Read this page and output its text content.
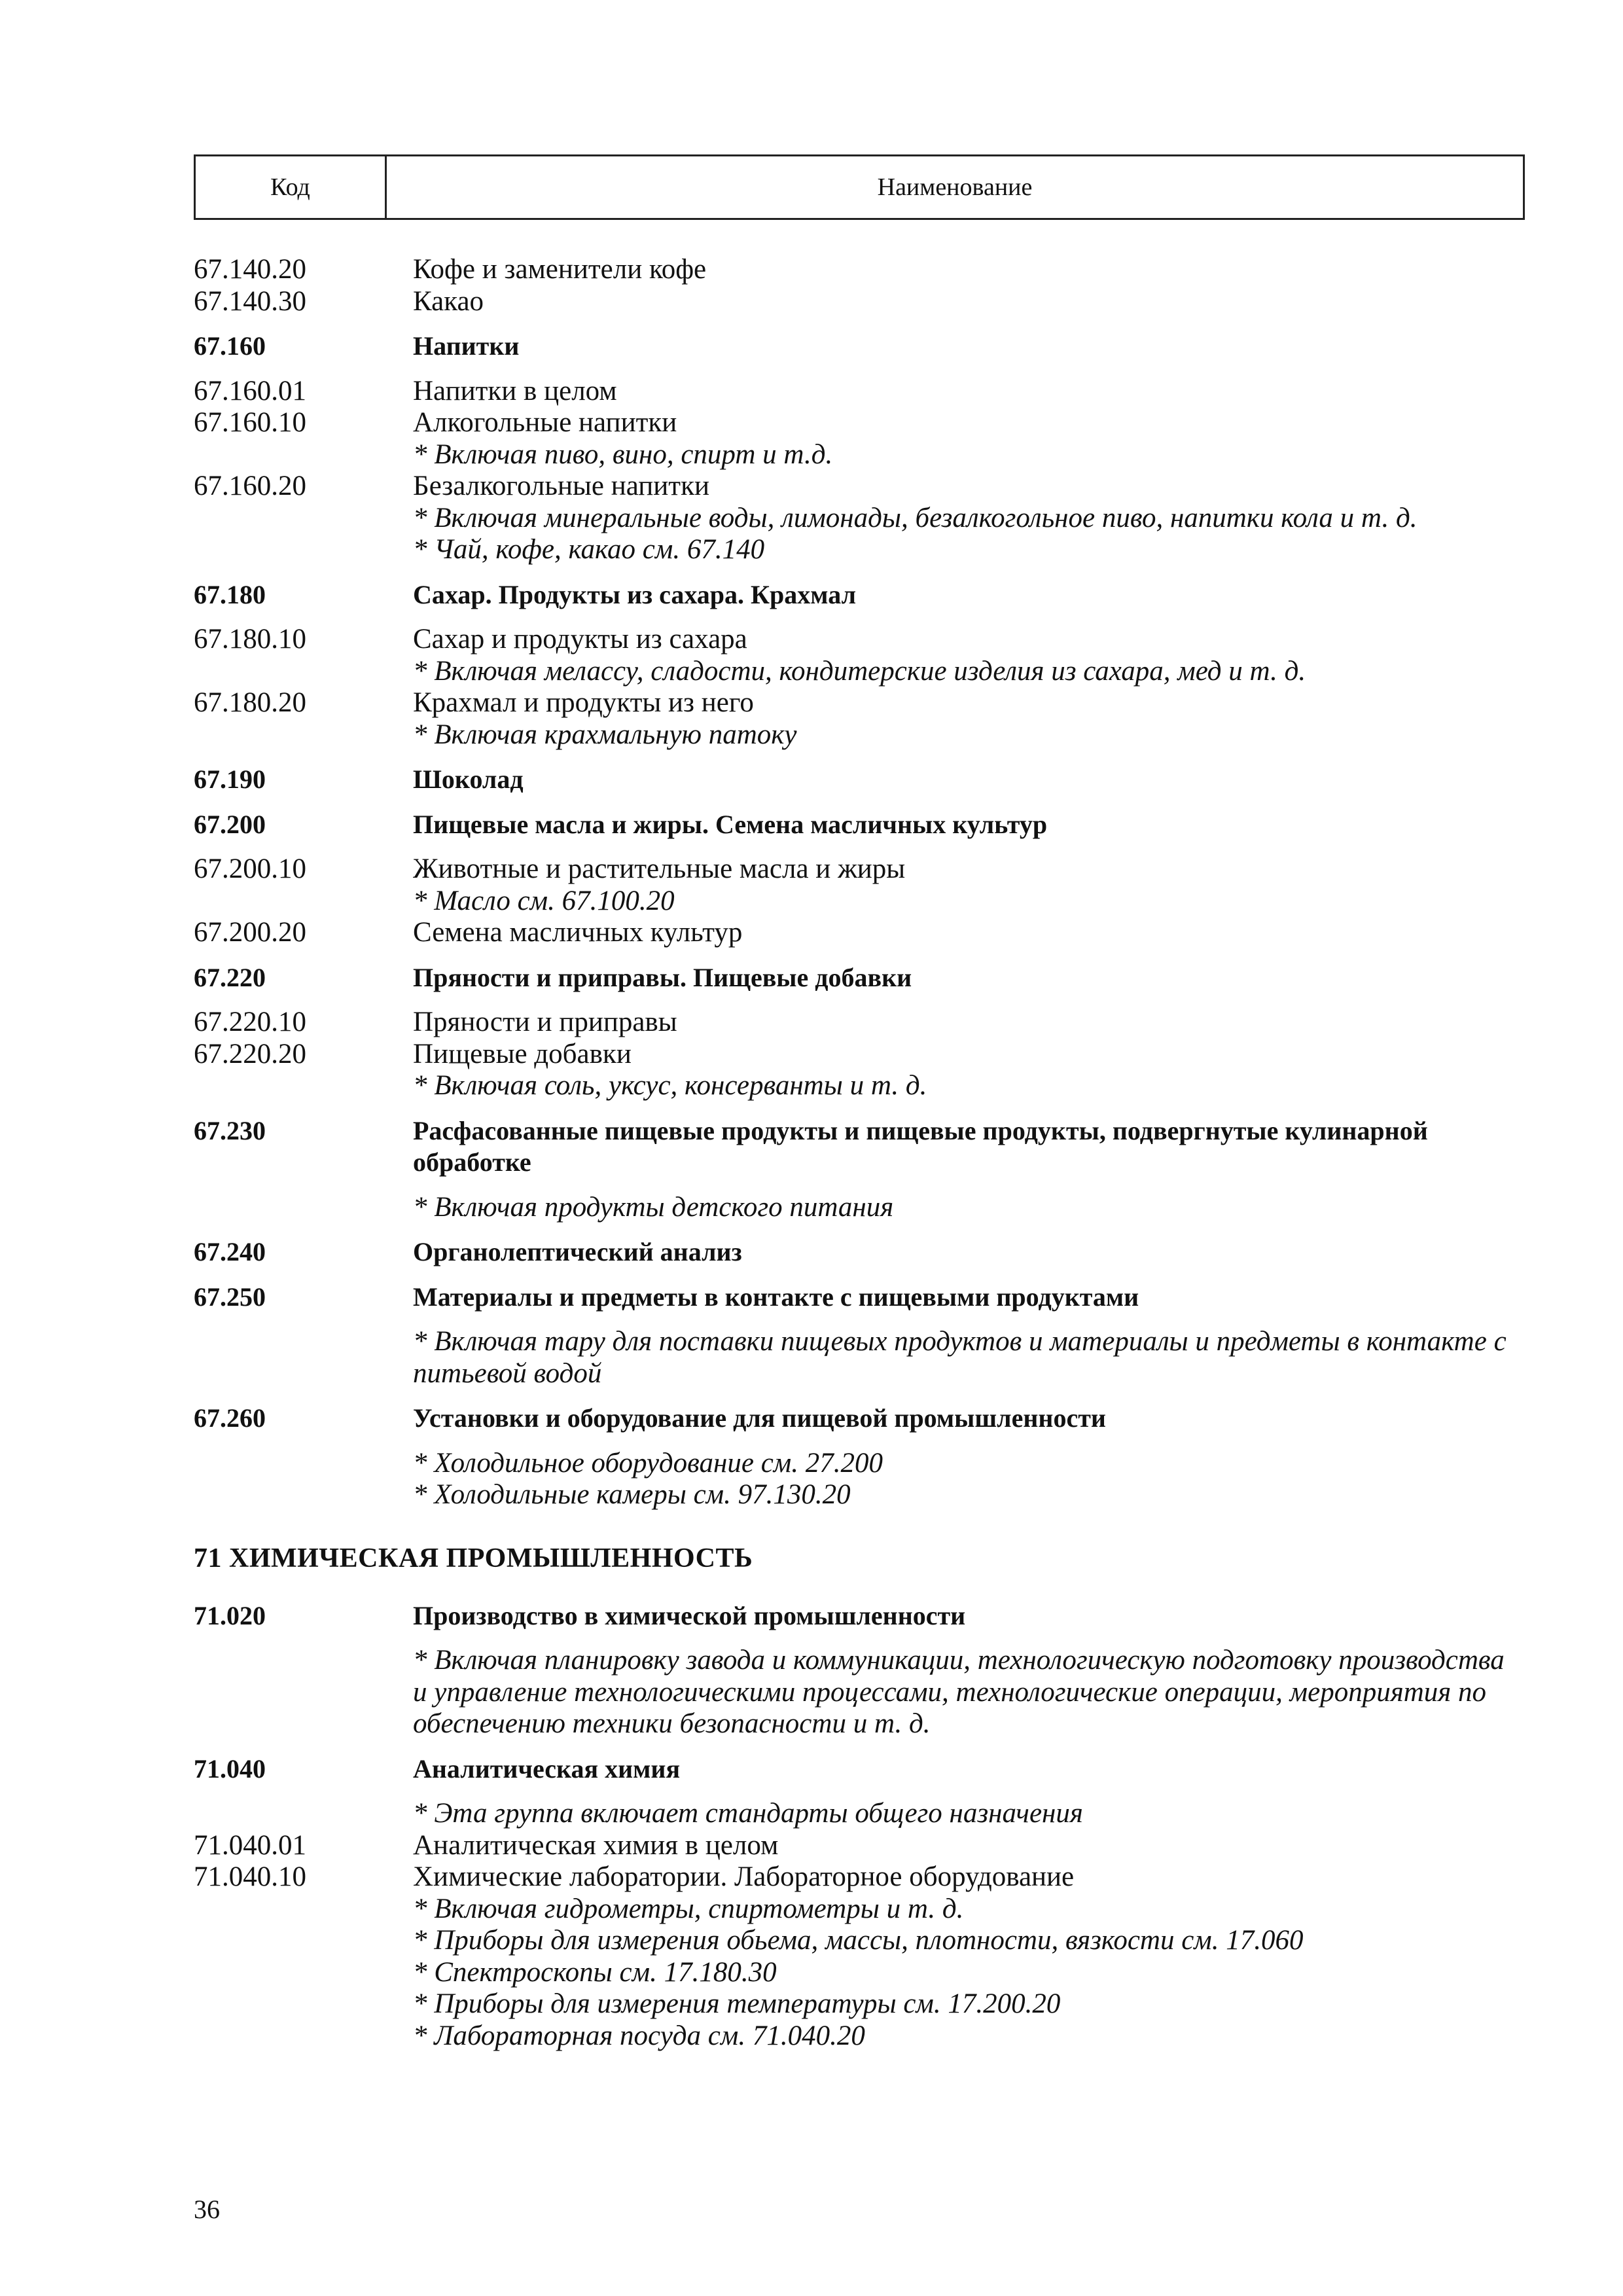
Код	Наименование
67.140.20	Кофе и заменители кофе
67.140.30	Какао
67.160	Напитки
67.160.01	Напитки в целом
67.160.10	Алкогольные напитки
* Включая пиво, вино, спирт и т.д.
67.160.20	Безалкогольные напитки
* Включая минеральные воды, лимонады, безалкогольное пиво, напитки кола и т. д.
* Чай, кофе, какао см. 67.140
67.180	Сахар. Продукты из сахара. Крахмал
67.180.10	Сахар и продукты из сахара
* Включая мелассу, сладости, кондитерские изделия из сахара, мед и т. д.
67.180.20	Крахмал и продукты из него
* Включая крахмальную патоку
67.190	Шоколад
67.200	Пищевые масла и жиры. Семена масличных культур
67.200.10	Животные и растительные масла и жиры
* Масло см. 67.100.20
67.200.20	Семена масличных культур
67.220	Пряности и приправы. Пищевые добавки
67.220.10	Пряности и приправы
67.220.20	Пищевые добавки
* Включая соль, уксус, консерванты и т. д.
67.230	Расфасованные пищевые продукты и пищевые продукты, подвергнутые кулинарной обработке
* Включая продукты детского питания
67.240	Органолептический анализ
67.250	Материалы и предметы в контакте с пищевыми продуктами
* Включая тару для поставки пищевых продуктов и материалы и предметы в контакте с питьевой водой
67.260	Установки и оборудование для пищевой промышленности
* Холодильное оборудование см. 27.200
* Холодильные камеры см. 97.130.20
71 ХИМИЧЕСКАЯ ПРОМЫШЛЕННОСТЬ
71.020	Производство в химической промышленности
* Включая планировку завода и коммуникации, технологическую подготовку производства и управление технологическими процессами, технологические операции, мероприятия по обеспечению техники безопасности и т. д.
71.040	Аналитическая химия
* Эта группа включает стандарты общего назначения
71.040.01	Аналитическая химия в целом
71.040.10	Химические лаборатории. Лабораторное оборудование
* Включая гидрометры, спиртометры и т. д.
* Приборы для измерения обьема, массы, плотности, вязкости см. 17.060
* Спектроскопы см. 17.180.30
* Приборы для измерения температуры см. 17.200.20
* Лабораторная посуда см. 71.040.20
36
